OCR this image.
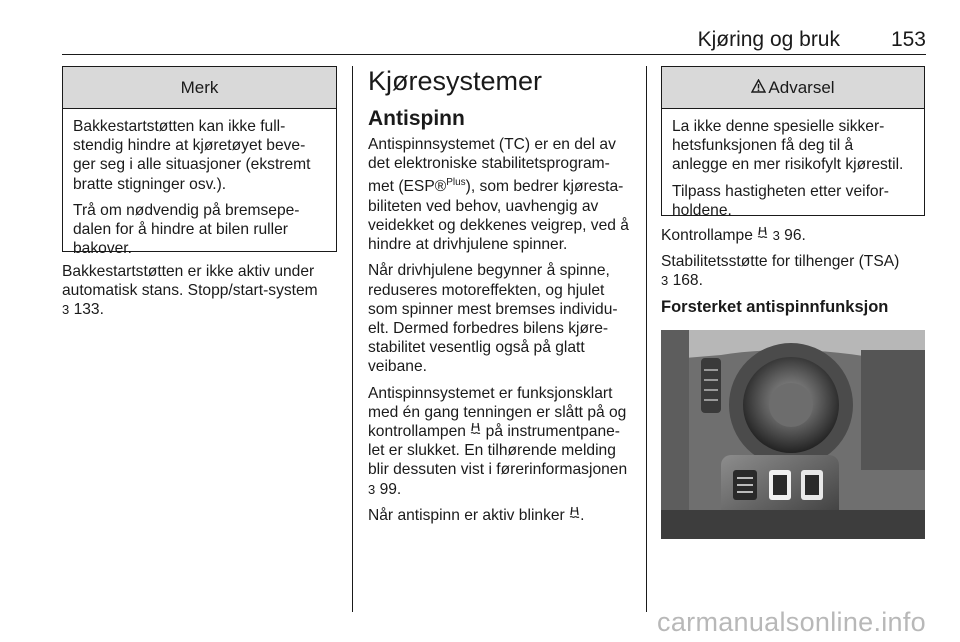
Kjøring og bruk 153
Merk

Bakkestartstøtten kan ikke full-
stendig hindre at kjøretøyet beve-
ger seg i alle situasjoner (ekstremt
bratte stigninger osv.).

Trå om nødvendig på bremsepe-
dalen for å hindre at bilen ruller
bakover.

Bakkestartstøtten er ikke aktiv under
automatisk stans. Stopp/start-system
3 133.

Kjøresystemer
Antispinn

Antispinnsystemet (TC) er en del av
det elektroniske stabilitetsprogram-
met (ESP®$^{Plus}$), som bedrer kjøresta-
biliteten ved behov, uavhengig av
veidekket og dekkenes veigrep, ved å
hindre at drivhjulene spinner.

Når drivhjulene begynner å spinne,
reduseres motoreffekten, og hjulet
som spinner mest bremses individu-
elt. Dermed forbedres bilens kjøre-
stabilitet vesentlig også på glatt
veibane.

Antispinnsystemet er funksjonsklart
med én gang tenningen er slått på og
kontrollampen på instrumentpane-
let er slukket. En tilhørende melding
blir dessuten vist i førerinformasjonen
3 99.

Når antispinn er aktiv blinker .

Advarsel

La ikke denne spesielle sikker-
hetsfunksjonen få deg til å
anlegge en mer risikofylt kjørestil.

Tilpass hastigheten etter veifor-
holdene.

Kontrollampe 3 96.

Stabilitetsstøtte for tilhenger (TSA)
3 168.

Forsterket antispinnfunksjon
carmanualsonline.info
